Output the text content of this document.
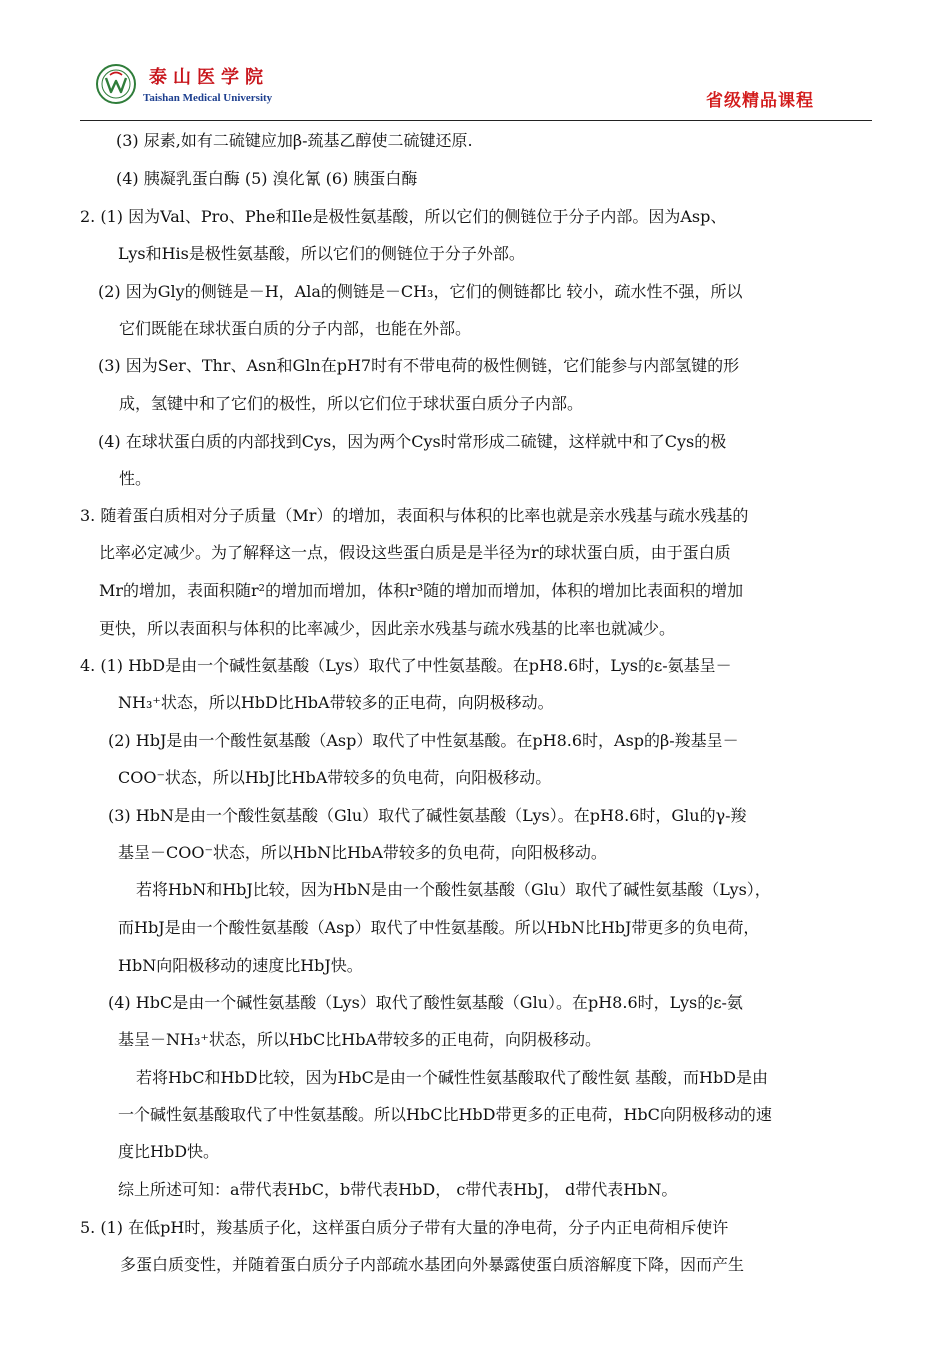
泰山医学院
Taishan Medical University	省级精品课程
(3) 尿素,如有二硫键应加β-巯基乙醇使二硫键还原.
(4) 胰凝乳蛋白酶 (5) 溴化氰 (6) 胰蛋白酶
2. (1) 因为Val、Pro、Phe和Ile是极性氨基酸，所以它们的侧链位于分子内部。因为Asp、
Lys和His是极性氨基酸，所以它们的侧链位于分子外部。
(2) 因为Gly的侧链是－H，Ala的侧链是－CH₃，它们的侧链都比 较小，疏水性不强，所以
它们既能在球状蛋白质的分子内部，也能在外部。
(3) 因为Ser、Thr、Asn和Gln在pH7时有不带电荷的极性侧链，它们能参与内部氢键的形
成，氢键中和了它们的极性，所以它们位于球状蛋白质分子内部。
(4) 在球状蛋白质的内部找到Cys，因为两个Cys时常形成二硫键，这样就中和了Cys的极
性。
3. 随着蛋白质相对分子质量（Mr）的增加，表面积与体积的比率也就是亲水残基与疏水残基的
比率必定减少。为了解释这一点，假设这些蛋白质是是半径为r的球状蛋白质，由于蛋白质
Mr的增加，表面积随r²的增加而增加，体积r³随的增加而增加，体积的增加比表面积的增加
更快，所以表面积与体积的比率减少，因此亲水残基与疏水残基的比率也就减少。
4. (1) HbD是由一个碱性氨基酸（Lys）取代了中性氨基酸。在pH8.6时，Lys的ε-氨基呈－
NH₃⁺状态，所以HbD比HbA带较多的正电荷，向阴极移动。
(2) HbJ是由一个酸性氨基酸（Asp）取代了中性氨基酸。在pH8.6时，Asp的β-羧基呈－
COO⁻状态，所以HbJ比HbA带较多的负电荷，向阳极移动。
(3) HbN是由一个酸性氨基酸（Glu）取代了碱性氨基酸（Lys）。在pH8.6时，Glu的γ-羧
基呈－COO⁻状态，所以HbN比HbA带较多的负电荷，向阳极移动。
若将HbN和HbJ比较，因为HbN是由一个酸性氨基酸（Glu）取代了碱性氨基酸（Lys），
而HbJ是由一个酸性氨基酸（Asp）取代了中性氨基酸。所以HbN比HbJ带更多的负电荷，
HbN向阳极移动的速度比HbJ快。
(4) HbC是由一个碱性氨基酸（Lys）取代了酸性氨基酸（Glu）。在pH8.6时，Lys的ε-氨
基呈－NH₃⁺状态，所以HbC比HbA带较多的正电荷，向阴极移动。
若将HbC和HbD比较，因为HbC是由一个碱性性氨基酸取代了酸性氨 基酸，而HbD是由
一个碱性氨基酸取代了中性氨基酸。所以HbC比HbD带更多的正电荷，HbC向阴极移动的速
度比HbD快。
综上所述可知：a带代表HbC，b带代表HbD， c带代表HbJ， d带代表HbN。
5. (1) 在低pH时，羧基质子化，这样蛋白质分子带有大量的净电荷，分子内正电荷相斥使许
多蛋白质变性，并随着蛋白质分子内部疏水基团向外暴露使蛋白质溶解度下降，因而产生
